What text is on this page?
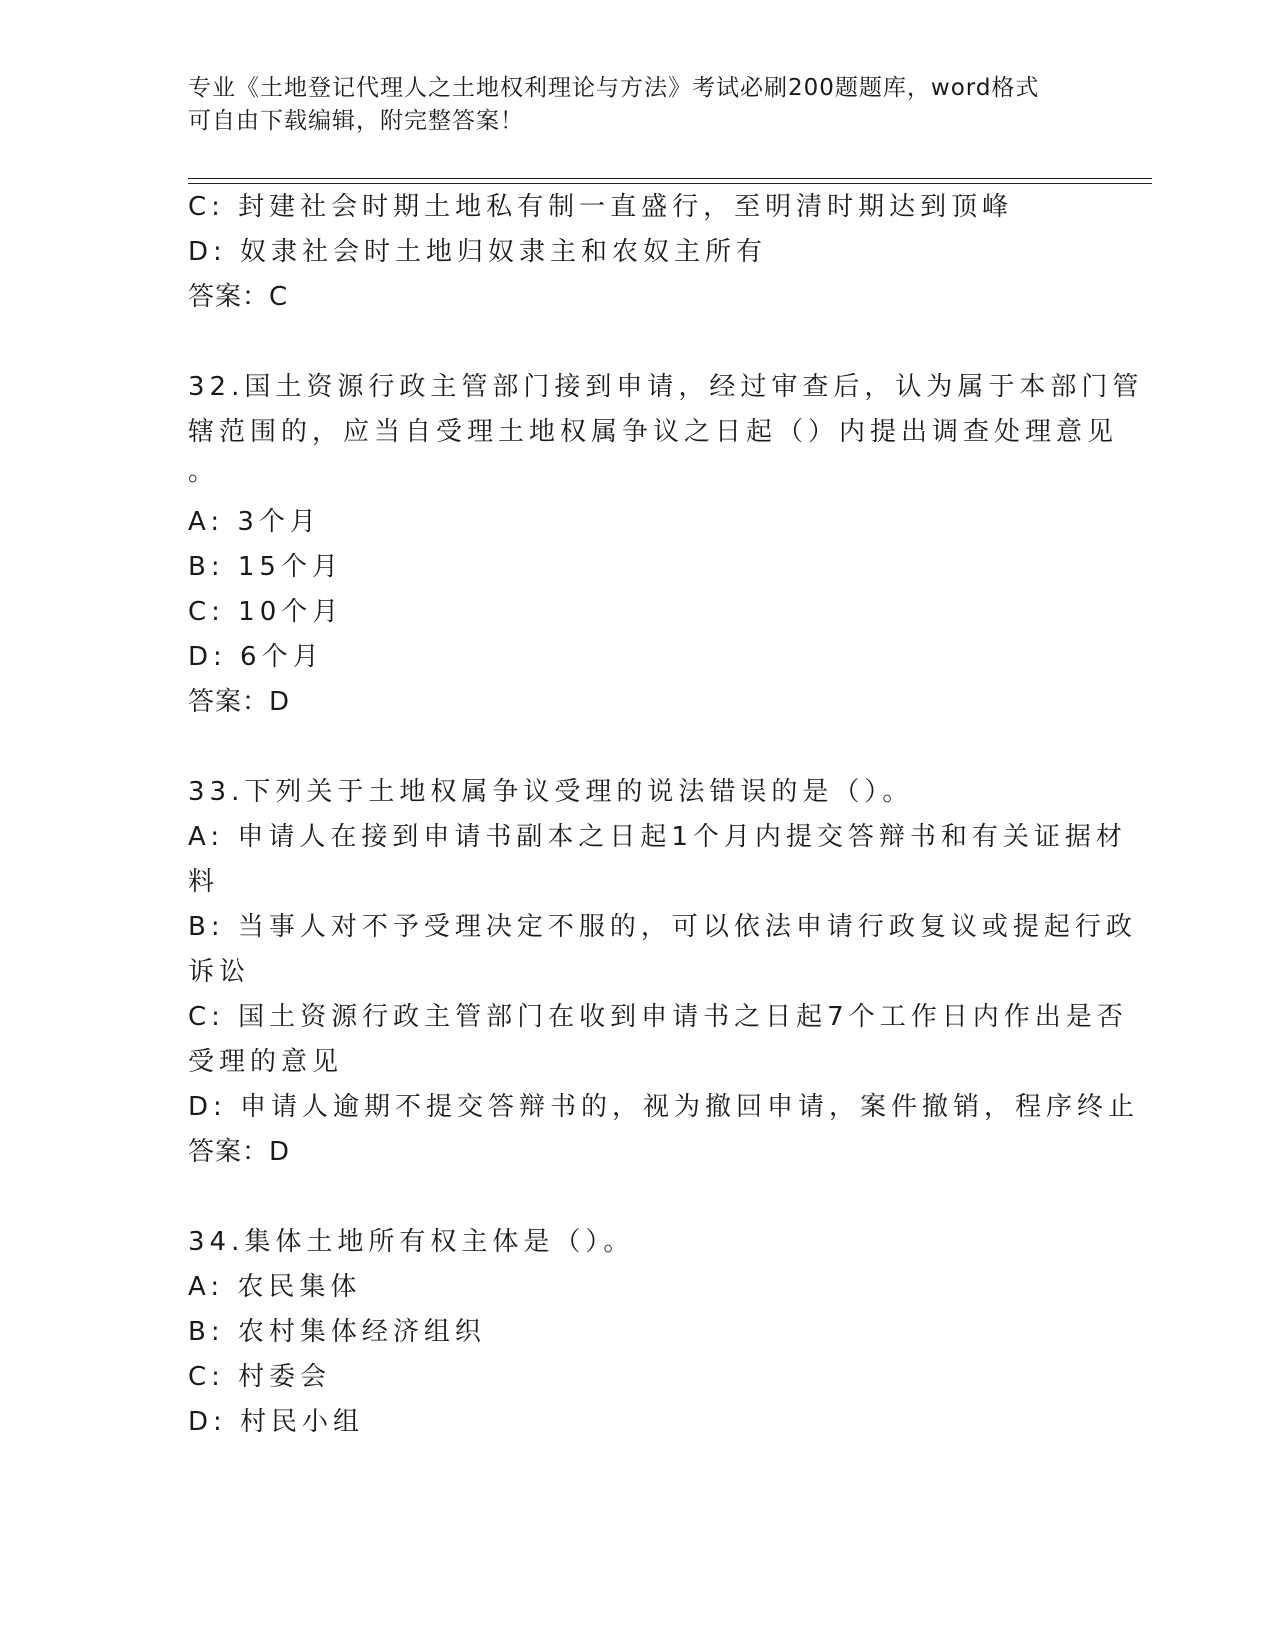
专业《土地登记代理人之土地权利理论与方法》考试必刷200题题库，word格式
可自由下载编辑，附完整答案！
C: 封建社会时期土地私有制一直盛行，至明清时期达到顶峰
D: 奴隶社会时土地归奴隶主和农奴主所有
答案：C
32.国土资源行政主管部门接到申请，经过审查后，认为属于本部门管
辖范围的，应当自受理土地权属争议之日起（）内提出调查处理意见
。
A: 3个月
B: 15个月
C: 10个月
D: 6个月
答案：D
33.下列关于土地权属争议受理的说法错误的是（）。
A: 申请人在接到申请书副本之日起1个月内提交答辩书和有关证据材
料
B: 当事人对不予受理决定不服的，可以依法申请行政复议或提起行政
诉讼
C: 国土资源行政主管部门在收到申请书之日起7个工作日内作出是否
受理的意见
D: 申请人逾期不提交答辩书的，视为撤回申请，案件撤销，程序终止
答案：D
34.集体土地所有权主体是（）。
A: 农民集体
B: 农村集体经济组织
C: 村委会
D: 村民小组
